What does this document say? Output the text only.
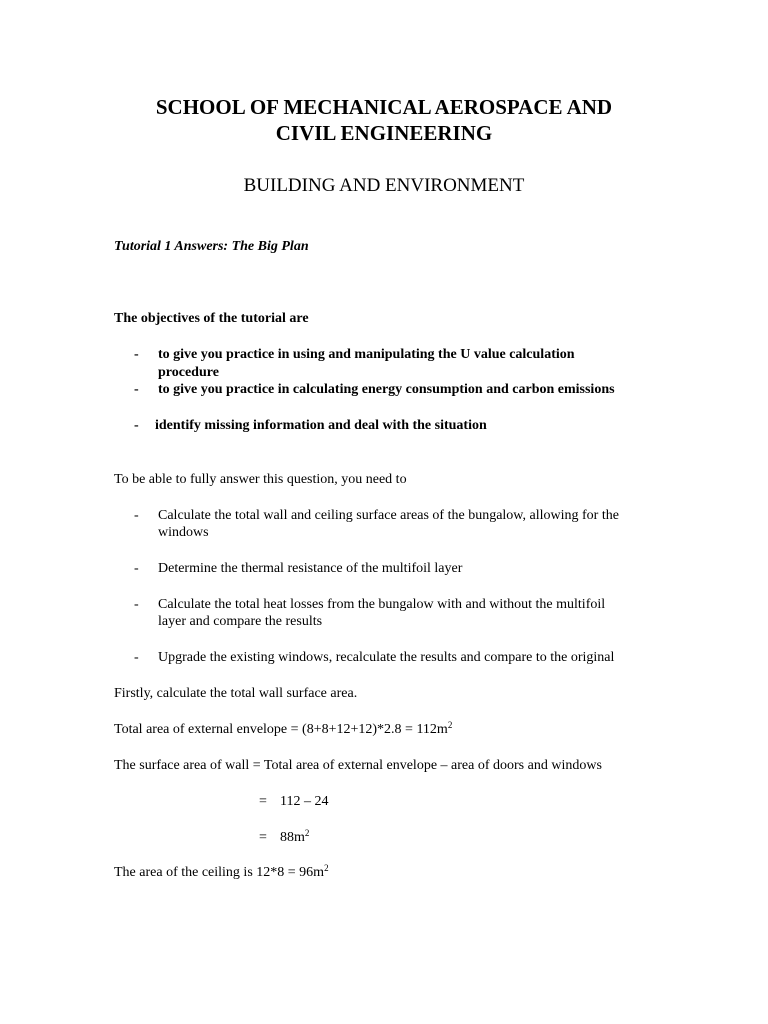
SCHOOL OF MECHANICAL AEROSPACE AND
CIVIL ENGINEERING
BUILDING AND ENVIRONMENT

Tutorial 1 Answers: The Big Plan

The objectives of the tutorial are

- to give you practice in using and manipulating the U value calculation

procedure

- to give you practice in calculating energy consumption and carbon emissions

- identify missing information and deal with the situation

To be able to fully answer this question, you need to

- Calculate the total wall and ceiling surface areas of the bungalow, allowing for the

windows

- Determine the thermal resistance of the multifoil layer

- Calculate the total heat losses from the bungalow with and without the multifoil

layer and compare the results

- Upgrade the existing windows, recalculate the results and compare to the original

Firstly, calculate the total wall surface area.

Total area of external envelope = $(8+8+12+12)*2.8 = 112m^2$

The surface area of wall = Total area of external envelope – area of doors and windows

= 112 – 24

= $88m^2$

The area of the ceiling is $12*8 = 96m^2$
